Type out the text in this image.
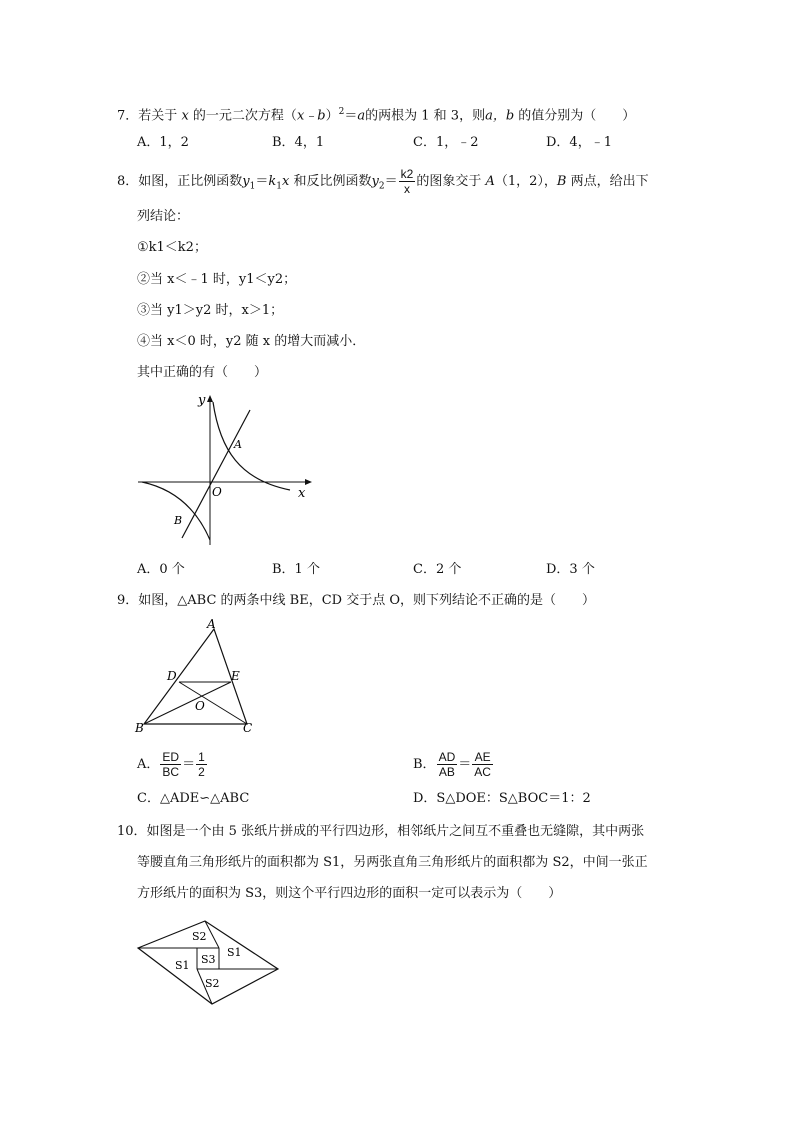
7．若关于 x 的一元二次方程（x﹣b）$^2$＝a的两根为 1 和 3，则a，b 的值分别为（　　）
A．1，2	B．4，1	C．1，﹣2	D．4，﹣1
8．如图，正比例函数$y_1=k_1x$ 和反比例函数$y_2= \frac{k2}{x}$ 的图象交于 A（1，2），B 两点，给出下
列结论：
①k1＜k2；
②当 x＜﹣1 时，y1＜y2；
③当 y1＞y2 时，x＞1；
④当 x＜0 时，y2 随 x 的增大而减小．
其中正确的有（　　）
y
x
O
A
B
A．0 个	B．1 个	C．2 个	D．3 个
9．如图，△ABC 的两条中线 BE，CD 交于点 O，则下列结论不正确的是（　　）
A
B	C
D	E
O
A． $\frac{ED}{BC} = \frac{1}{2}$	B． $\frac{AD}{AB} = \frac{AE}{AC}$
C．△ADE∽△ABC	D．S△DOE：S△BOC＝1：2
10．如图是一个由 5 张纸片拼成的平行四边形，相邻纸片之间互不重叠也无缝隙，其中两张
等腰直角三角形纸片的面积都为 S1，另两张直角三角形纸片的面积都为 S2，中间一张正
方形纸片的面积为 S3，则这个平行四边形的面积一定可以表示为（　　）
S2
S1
S3
S1
S2
